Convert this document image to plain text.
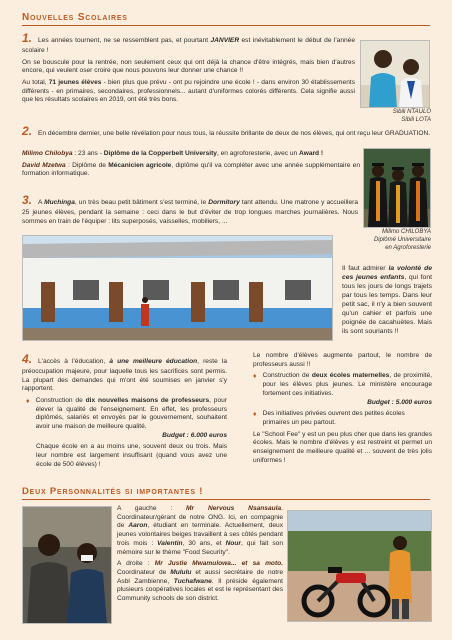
Nouvelles Scolaires

1. Les années tournent, ne se ressemblent pas, et pourtant JANVIER est inévitablement le début de l'année scolaire !

On se bouscule pour la rentrée, non seulement ceux qui ont déjà la chance d'être intégrés, mais bien d'autres encore, qui veulent oser croire que nous pouvons leur donner une chance !!

Au total, 71 jeunes élèves - bien plus que prévu - ont pu rejoindre une école ! - dans environ 30 établissements différents - en primaires, secondaires, professionnels... autant d'uniformes colorés différents. Cela signifie aussi que les résultats scolaires en 2019, ont été très bons.

Sibili NTAULO
Sibili LOTA

2. En décembre dernier, une belle révélation pour nous tous, la réussite brillante de deux de nos élèves, qui ont reçu leur GRADUATION.

Milimo Chilobya : 23 ans - Diplôme de la Copperbelt University, en agroforesterie, avec un Award !

David Mzetwa : Diplôme de Mécanicien agricole, diplôme qu'il va compléter avec une année supplémentaire en formation informatique.

Milimo CHILOBYA
Diplômé Universitaire
en Agroforesterie

3. A Muchinga, un très beau petit bâtiment s'est terminé, le Dormitory tant attendu. Une matrone y accueillera 25 jeunes élèves, pendant la semaine : ceci dans le but d'éviter de trop longues marches journalières. Nous sommes en train de l'équiper : lits superposés, vaisselles, mobiliers, ...

Il faut admirer la volonté de ces jeunes enfants, qui font tous les jours de longs trajets par tous les temps. Dans leur petit sac, il n'y a bien souvent qu'un cahier et parfois une poignée de cacahuètes. Mais ils sont souriants !!

4. L'accès à l'éducation, à une meilleure éducation, reste la préoccupation majeure, pour laquelle tous les sacrifices sont permis. La plupart des demandes qui m'ont été soumises en janvier s'y rapportent.

♦ Construction de dix nouvelles maisons de professeurs, pour élever la qualité de l'enseignement. En effet, les professeurs diplômés, salariés et envoyés par le gouvernement, souhaitent avoir une maison de meilleure qualité.
Budget : 6.000 euros

Chaque école en a au moins une, souvent deux ou trois. Mais leur nombre est largement insuffisant (quand vous avez une école de 500 élèves) !

Le nombre d'élèves augmente partout, le nombre de professeurs aussi !!

♦ Construction de deux écoles maternelles, de proximité, pour les élèves plus jeunes. Le ministère encourage fortement ces initiatives.
Budget : 5.000 euros
♦ Des initiatives privées ouvrent des petites écoles primaires un peu partout.

Le "School Fee" y est un peu plus cher que dans les grandes écoles. Mais le nombre d'élèves y est restreint et permet un enseignement de meilleure qualité et ... souvent de très jolis uniformes !

Deux Personnalités si importantes !

A gauche : Mr Nervous Nsansaula. Coordinateur/gérant de notre ONG. Ici, en compagnie de Aaron, étudiant en terminale. Actuellement, deux jeunes volontaires beiges travaillent à ses côtés pendant trois mois : Valentin, 30 ans, et Nour, qui fait son mémoire sur le thème "Food Security".

A droite : Mr Justie Mwamulowa... et sa moto. Coordinateur de Mululu et aussi secrétaire de notre Asbl Zambienne, Tuchafwane. Il préside également plusieurs coopératives locales et est le représentant des Community schools de son district.
